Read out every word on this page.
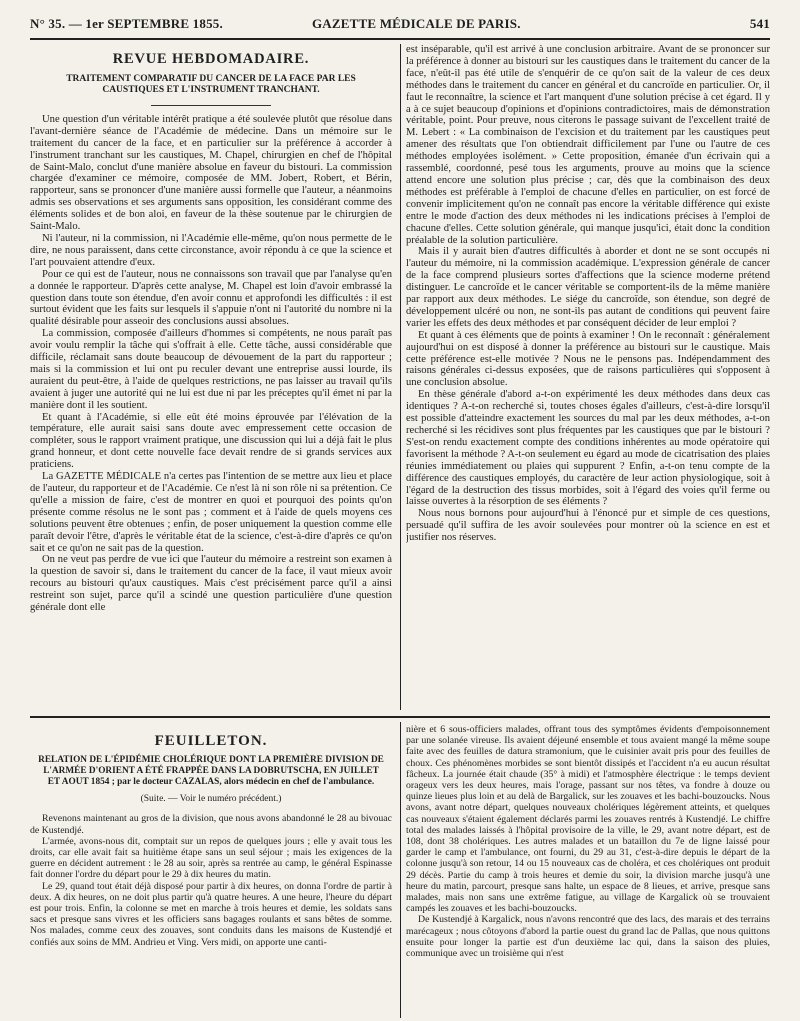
N° 35. — 1er SEPTEMBRE 1855.	GAZETTE MÉDICALE DE PARIS.	541
REVUE HEBDOMADAIRE.
TRAITEMENT COMPARATIF DU CANCER DE LA FACE PAR LES CAUSTIQUES ET L'INSTRUMENT TRANCHANT.

Une question d'un véritable intérêt pratique a été soulevée plutôt que résolue dans l'avant-dernière séance de l'Académie de médecine. Dans un mémoire sur le traitement du cancer de la face, et en particulier sur la préférence à accorder à l'instrument tranchant sur les caustiques, M. Chapel, chirurgien en chef de l'hôpital de Saint-Malo, conclut d'une manière absolue en faveur du bistouri. La commission chargée d'examiner ce mémoire, composée de MM. Jobert, Robert, et Bérin, rapporteur, sans se prononcer d'une manière aussi formelle que l'auteur, a néanmoins admis ses observations et ses arguments sans opposition, les considérant comme des éléments solides et de bon aloi, en faveur de la thèse soutenue par le chirurgien de Saint-Malo.

Ni l'auteur, ni la commission, ni l'Académie elle-même, qu'on nous permette de le dire, ne nous paraissent, dans cette circonstance, avoir répondu à ce que la science et l'art pouvaient attendre d'eux.

Pour ce qui est de l'auteur, nous ne connaissons son travail que par l'analyse qu'en a donnée le rapporteur. D'après cette analyse, M. Chapel est loin d'avoir embrassé la question dans toute son étendue, d'en avoir connu et approfondi les difficultés : il est surtout évident que les faits sur lesquels il s'appuie n'ont ni l'autorité du nombre ni la qualité désirable pour asseoir des conclusions aussi absolues.

La commission, composée d'ailleurs d'hommes si compétents, ne nous paraît pas avoir voulu remplir la tâche qui s'offrait à elle. Cette tâche, aussi considérable que difficile, réclamait sans doute beaucoup de dévouement de la part du rapporteur ; mais si la commission et lui ont pu reculer devant une entreprise aussi lourde, ils auraient du peut-être, à l'aide de quelques restrictions, ne pas laisser au travail qu'ils avaient à juger une autorité qui ne lui est due ni par les préceptes qu'il émet ni par la manière dont il les soutient.

Et quant à l'Académie, si elle eût été moins éprouvée par l'élévation de la température, elle aurait saisi sans doute avec empressement cette occasion de compléter, sous le rapport vraiment pratique, une discussion qui lui a déjà fait le plus grand honneur, et dont cette nouvelle face devait rendre de si grands services aux praticiens.

La GAZETTE MÉDICALE n'a certes pas l'intention de se mettre aux lieu et place de l'auteur, du rapporteur et de l'Académie. Ce n'est là ni son rôle ni sa prétention. Ce qu'elle a mission de faire, c'est de montrer en quoi et pourquoi des points qu'on présente comme résolus ne le sont pas ; comment et à l'aide de quels moyens ces solutions peuvent être obtenues ; enfin, de poser uniquement la question comme elle paraît devoir l'être, d'après le véritable état de la science, c'est-à-dire d'après ce qu'on sait et ce qu'on ne sait pas de la question.

On ne veut pas perdre de vue ici que l'auteur du mémoire a restreint son examen à la question de savoir si, dans le traitement du cancer de la face, il vaut mieux avoir recours au bistouri qu'aux caustiques. Mais c'est précisément parce qu'il a ainsi restreint son sujet, parce qu'il a scindé une question particulière d'une question générale dont elle

est inséparable, qu'il est arrivé à une conclusion arbitraire. Avant de se prononcer sur la préférence à donner au bistouri sur les caustiques dans le traitement du cancer de la face, n'eût-il pas été utile de s'enquérir de ce qu'on sait de la valeur de ces deux méthodes dans le traitement du cancer en général et du cancroïde en particulier. Or, il faut le reconnaître, la science et l'art manquent d'une solution précise à cet égard. Il y a à ce sujet beaucoup d'opinions et d'opinions contradictoires, mais de démonstration véritable, point. Pour preuve, nous citerons le passage suivant de l'excellent traité de M. Lebert : « La combinaison de l'excision et du traitement par les caustiques peut amener des résultats que l'on obtiendrait difficilement par l'une ou l'autre de ces méthodes employées isolément. » Cette proposition, émanée d'un écrivain qui a rassemblé, coordonné, pesé tous les arguments, prouve au moins que la science attend encore une solution plus précise ; car, dès que la combinaison des deux méthodes est préférable à l'emploi de chacune d'elles en particulier, on est forcé de convenir implicitement qu'on ne connaît pas encore la véritable différence qui existe entre le mode d'action des deux méthodes ni les indications précises à l'emploi de chacune d'elles. Cette solution générale, qui manque jusqu'ici, était donc la condition préalable de la solution particulière.

Mais il y aurait bien d'autres difficultés à aborder et dont ne se sont occupés ni l'auteur du mémoire, ni la commission académique. L'expression générale de cancer de la face comprend plusieurs sortes d'affections que la science moderne prétend distinguer. Le cancroïde et le cancer véritable se comportent-ils de la même manière par rapport aux deux méthodes. Le siége du cancroïde, son étendue, son degré de développement ulcéré ou non, ne sont-ils pas autant de conditions qui peuvent faire varier les effets des deux méthodes et par conséquent décider de leur emploi ?

Et quant à ces éléments que de points à examiner ! On le reconnaît : généralement aujourd'hui on est disposé à donner la préférence au bistouri sur le caustique. Mais cette préférence est-elle motivée ? Nous ne le pensons pas. Indépendamment des raisons générales ci-dessus exposées, que de raisons particulières qui s'opposent à une conclusion absolue.

En thèse générale d'abord a-t-on expérimenté les deux méthodes dans deux cas identiques ? A-t-on recherché si, toutes choses égales d'ailleurs, c'est-à-dire lorsqu'il est possible d'atteindre exactement les sources du mal par les deux méthodes, a-t-on recherché si les récidives sont plus fréquentes par les caustiques que par le bistouri ? S'est-on rendu exactement compte des conditions inhérentes au mode opératoire qui favorisent la méthode ? A-t-on seulement eu égard au mode de cicatrisation des plaies réunies immédiatement ou plaies qui suppurent ? Enfin, a-t-on tenu compte de la différence des caustiques employés, du caractère de leur action physiologique, soit à l'égard de la destruction des tissus morbides, soit à l'égard des voies qu'il ferme ou laisse ouvertes à la résorption de ses éléments ?

Nous nous bornons pour aujourd'hui à l'énoncé pur et simple de ces questions, persuadé qu'il suffira de les avoir soulevées pour montrer où la science en est et justifier nos réserves.

FEUILLETON.
RELATION DE L'ÉPIDÉMIE CHOLÉRIQUE DONT LA PREMIÈRE DIVISION DE L'ARMÉE D'ORIENT A ÉTÉ FRAPPÉE DANS LA DOBRUTSCHA, EN JUILLET ET AOUT 1854 ; par le docteur CAZALAS, alors médecin en chef de l'ambulance.
(Suite. — Voir le numéro précédent.)

Revenons maintenant au gros de la division, que nous avons abandonné le 28 au bivouac de Kustendjé.

L'armée, avons-nous dit, comptait sur un repos de quelques jours ; elle y avait tous les droits, car elle avait fait sa huitième étape sans un seul séjour ; mais les exigences de la guerre en décident autrement : le 28 au soir, après sa rentrée au camp, le général Espinasse fait donner l'ordre du départ pour le 29 à dix heures du matin.

Le 29, quand tout était déjà disposé pour partir à dix heures, on donna l'ordre de partir à deux. A dix heures, on ne doit plus partir qu'à quatre heures. A une heure, l'heure du départ est pour trois. Enfin, la colonne se met en marche à trois heures et demie, les soldats sans sacs et presque sans vivres et les officiers sans bagages roulants et sans bêtes de somme. Nos malades, comme ceux des zouaves, sont conduits dans les maisons de Kustendjé et confiés aux soins de MM. Andrieu et Ving. Vers midi, on apporte une canti-

nière et 6 sous-officiers malades, offrant tous des symptômes évidents d'empoisonnement par une solanée vireuse. Ils avaient déjeuné ensemble et tous avaient mangé la même soupe faite avec des feuilles de datura stramonium, que le cuisinier avait pris pour des feuilles de choux. Ces phénomènes morbides se sont bientôt dissipés et l'accident n'a eu aucun résultat fâcheux. La journée était chaude (35° à midi) et l'atmosphère électrique : le temps devient orageux vers les deux heures, mais l'orage, passant sur nos têtes, va fondre à douze ou quinze lieues plus loin et au delà de Bargalick, sur les zouaves et les bachi-bouzoucks. Nous avons, avant notre départ, quelques nouveaux cholériques légèrement atteints, et quelques cas nouveaux s'étaient également déclarés parmi les zouaves rentrés à Kustendjé. Le chiffre total des malades laissés à l'hôpital provisoire de la ville, le 29, avant notre départ, est de 108, dont 38 cholériques. Les autres malades et un bataillon du 7e de ligne laissé pour garder le camp et l'ambulance, ont fourni, du 29 au 31, c'est-à-dire depuis le départ de la colonne jusqu'à son retour, 14 ou 15 nouveaux cas de choléra, et ces cholériques ont produit 29 décès. Partie du camp à trois heures et demie du soir, la division marche jusqu'à une heure du matin, parcourt, presque sans halte, un espace de 8 lieues, et arrive, presque sans malades, mais non sans une extrême fatigue, au village de Kargalick où se trouvaient campés les zouaves et les bachi-bouzoucks.

De Kustendjé à Kargalick, nous n'avons rencontré que des lacs, des marais et des terrains marécageux ; nous côtoyons d'abord la partie ouest du grand lac de Pallas, que nous quittons ensuite pour longer la partie est d'un deuxième lac qui, dans la saison des pluies, communique avec un troisième qui n'est
